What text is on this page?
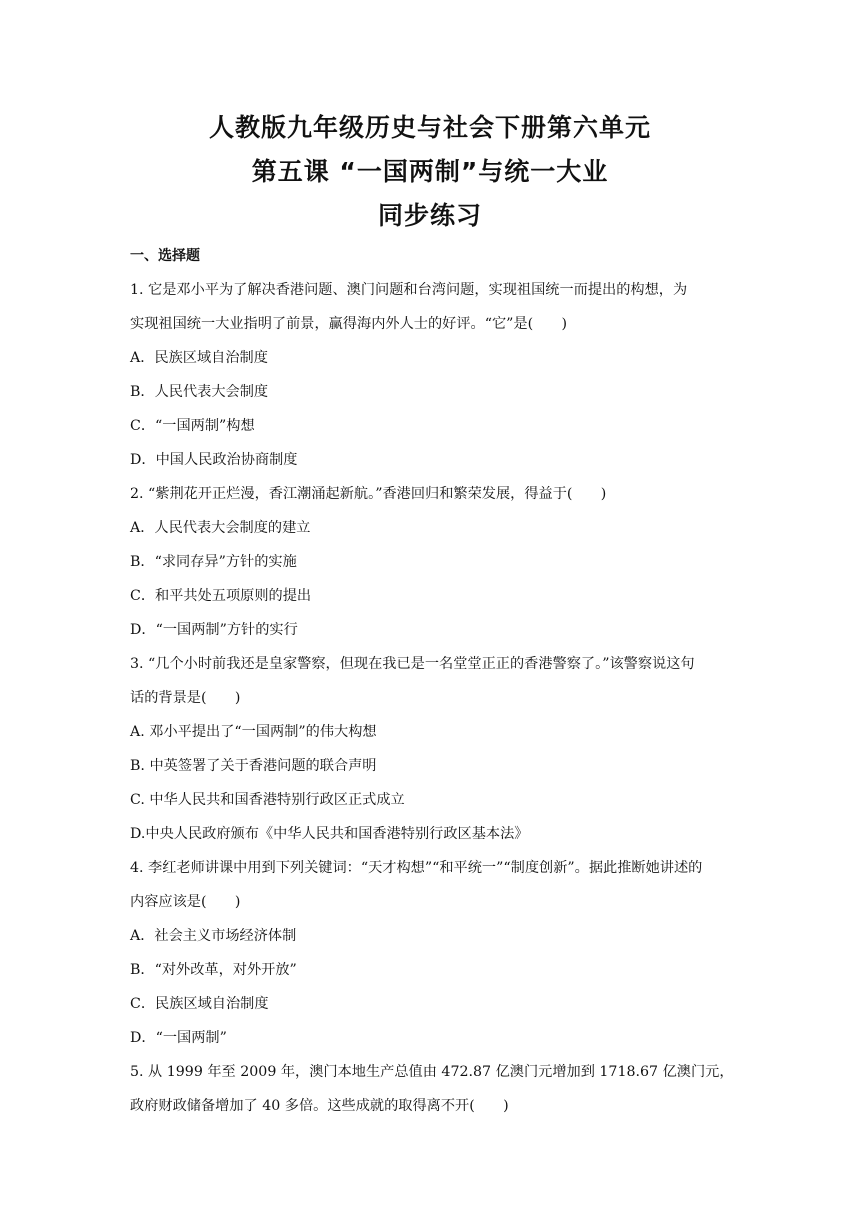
人教版九年级历史与社会下册第六单元
第五课 “一国两制”与统一大业
同步练习
一、选择题
1. 它是邓小平为了解决香港问题、澳门问题和台湾问题，实现祖国统一而提出的构想，为
实现祖国统一大业指明了前景，赢得海内外人士的好评。“它”是(　　)
A．民族区域自治制度
B．人民代表大会制度
C．“一国两制”构想
D．中国人民政治协商制度
2. “紫荆花开正烂漫，香江潮涌起新航。”香港回归和繁荣发展，得益于(　　)
A．人民代表大会制度的建立
B．“求同存异”方针的实施
C．和平共处五项原则的提出
D．“一国两制”方针的实行
3. “几个小时前我还是皇家警察，但现在我已是一名堂堂正正的香港警察了。”该警察说这句
话的背景是(　　)
A. 邓小平提出了“一国两制”的伟大构想
B. 中英签署了关于香港问题的联合声明
C. 中华人民共和国香港特别行政区正式成立
D.中央人民政府颁布《中华人民共和国香港特别行政区基本法》
4. 李红老师讲课中用到下列关键词：“天才构想”“和平统一”“制度创新”。据此推断她讲述的
内容应该是(　　)
A．社会主义市场经济体制
B．“对外改革，对外开放”
C．民族区域自治制度
D．“一国两制”
5. 从 1999 年至 2009 年，澳门本地生产总值由 472.87 亿澳门元增加到 1718.67 亿澳门元，
政府财政储备增加了 40 多倍。这些成就的取得离不开(　　)
